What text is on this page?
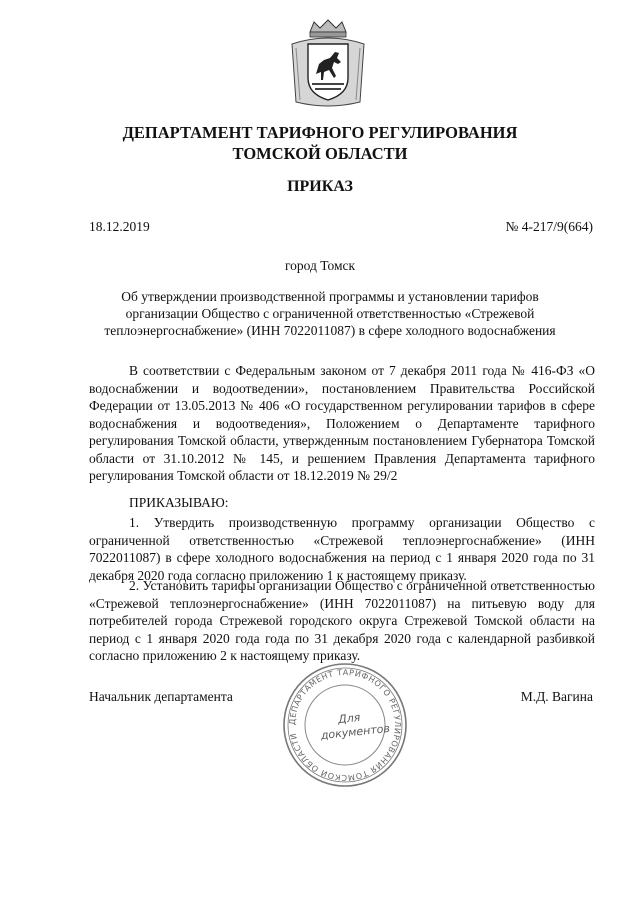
ДЕПАРТАМЕНТ ТАРИФНОГО РЕГУЛИРОВАНИЯ
ТОМСКОЙ ОБЛАСТИ
ПРИКАЗ
18.12.2019	№ 4-217/9(664)
город Томск
Об утверждении производственной программы и установлении тарифов организации Общество с ограниченной ответственностью «Стрежевой теплоэнергоснабжение» (ИНН 7022011087) в сфере холодного водоснабжения
В соответствии с Федеральным законом от 7 декабря 2011 года № 416-ФЗ «О водоснабжении и водоотведении», постановлением Правительства Российской Федерации от 13.05.2013 № 406 «О государственном регулировании тарифов в сфере водоснабжения и водоотведения», Положением о Департаменте тарифного регулирования Томской области, утвержденным постановлением Губернатора Томской области от 31.10.2012 № 145, и решением Правления Департамента тарифного регулирования Томской области от 18.12.2019 № 29/2
ПРИКАЗЫВАЮ:
1. Утвердить производственную программу организации Общество с ограниченной ответственностью «Стрежевой теплоэнергоснабжение» (ИНН 7022011087) в сфере холодного водоснабжения на период с 1 января 2020 года по 31 декабря 2020 года согласно приложению 1 к настоящему приказу.
2. Установить тарифы организации Общество с ограниченной ответственностью «Стрежевой теплоэнергоснабжение» (ИНН 7022011087) на питьевую воду для потребителей города Стрежевой городского округа Стрежевой Томской области на период с 1 января 2020 года года по 31 декабря 2020 года с календарной разбивкой согласно приложению 2 к настоящему приказу.
Начальник департамента	М.Д. Вагина
ДЕПАРТАМЕНТ ТАРИФНОГО РЕГУЛИРОВАНИЯ ТОМСКОЙ ОБЛАСТИ
Для
документов
